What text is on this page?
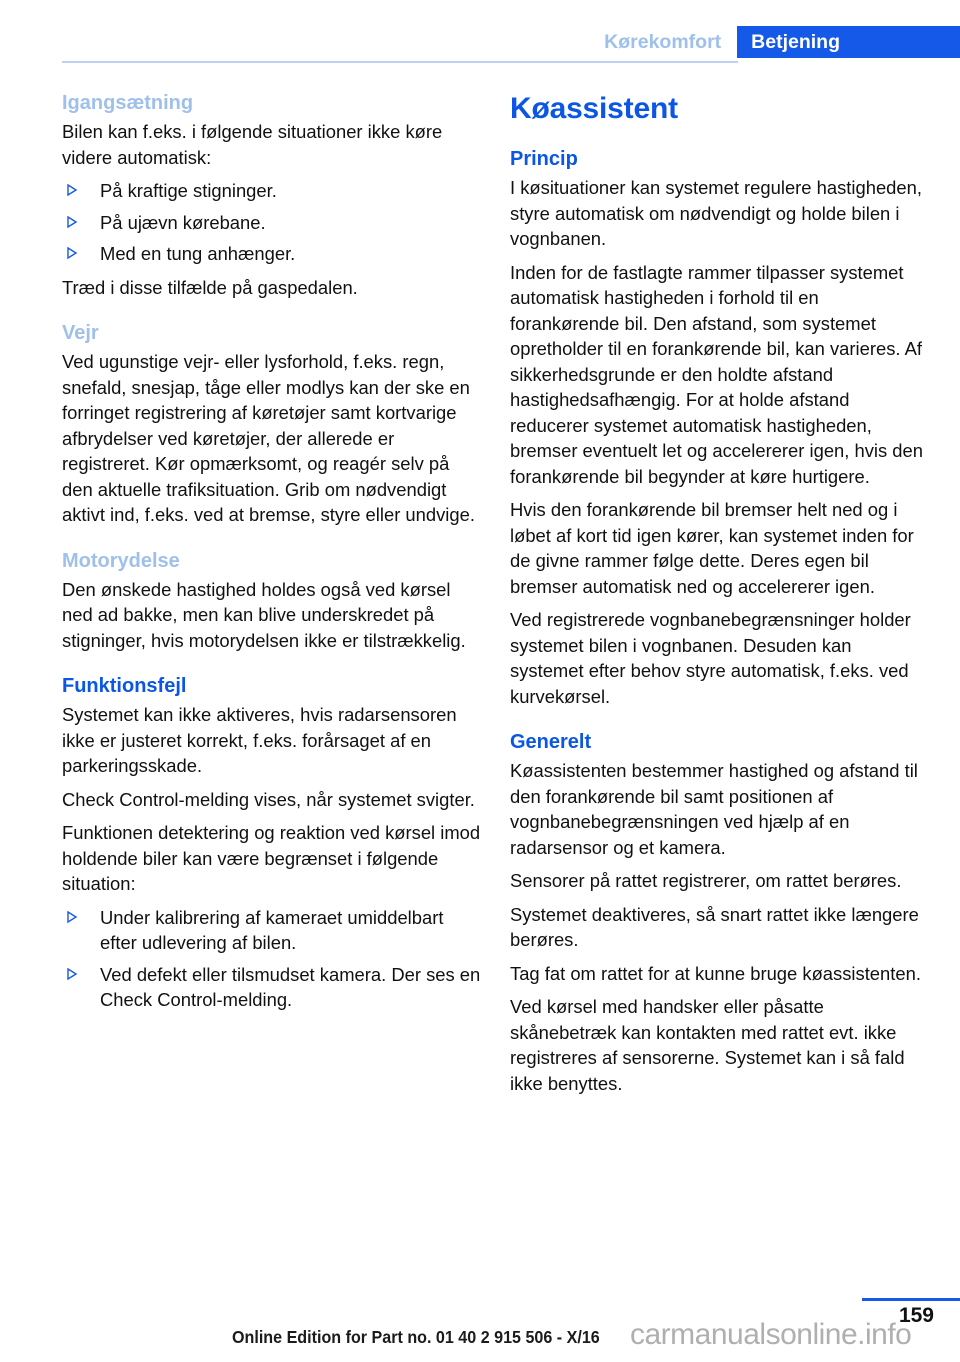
Kørekomfort	Betjening
Igangsætning

Bilen kan f.eks. i følgende situationer ikke køre videre automatisk:

På kraftige stigninger.
På ujævn kørebane.
Med en tung anhænger.

Træd i disse tilfælde på gaspedalen.

Vejr

Ved ugunstige vejr- eller lysforhold, f.eks. regn, snefald, snesjap, tåge eller modlys kan der ske en forringet registrering af køretøjer samt kortvarige afbrydelser ved køretøjer, der allerede er registreret. Kør opmærksomt, og reagér selv på den aktuelle trafiksituation. Grib om nødvendigt aktivt ind, f.eks. ved at bremse, styre eller undvige.

Motorydelse

Den ønskede hastighed holdes også ved kørsel ned ad bakke, men kan blive underskredet på stigninger, hvis motorydelsen ikke er tilstrækkelig.

Funktionsfejl

Systemet kan ikke aktiveres, hvis radarsensoren ikke er justeret korrekt, f.eks. forårsaget af en parkeringsskade.

Check Control-melding vises, når systemet svigter.

Funktionen detektering og reaktion ved kørsel imod holdende biler kan være begrænset i følgende situation:

Under kalibrering af kameraet umiddelbart efter udlevering af bilen.
Ved defekt eller tilsmudset kamera. Der ses en Check Control-melding.
Køassistent
Princip

I køsituationer kan systemet regulere hastigheden, styre automatisk om nødvendigt og holde bilen i vognbanen.

Inden for de fastlagte rammer tilpasser systemet automatisk hastigheden i forhold til en forankørende bil. Den afstand, som systemet opretholder til en forankørende bil, kan varieres. Af sikkerhedsgrunde er den holdte afstand hastighedsafhængig. For at holde afstand reducerer systemet automatisk hastigheden, bremser eventuelt let og accelererer igen, hvis den forankørende bil begynder at køre hurtigere.

Hvis den forankørende bil bremser helt ned og i løbet af kort tid igen kører, kan systemet inden for de givne rammer følge dette. Deres egen bil bremser automatisk ned og accelererer igen.

Ved registrerede vognbanebegrænsninger holder systemet bilen i vognbanen. Desuden kan systemet efter behov styre automatisk, f.eks. ved kurvekørsel.

Generelt

Køassistenten bestemmer hastighed og afstand til den forankørende bil samt positionen af vognbanebegrænsningen ved hjælp af en radarsensor og et kamera.

Sensorer på rattet registrerer, om rattet berøres.

Systemet deaktiveres, så snart rattet ikke længere berøres.

Tag fat om rattet for at kunne bruge køassistenten.

Ved kørsel med handsker eller påsatte skånebetræk kan kontakten med rattet evt. ikke registreres af sensorerne. Systemet kan i så fald ikke benyttes.

159
Online Edition for Part no. 01 40 2 915 506 - X/16 carmanualsonline.info
